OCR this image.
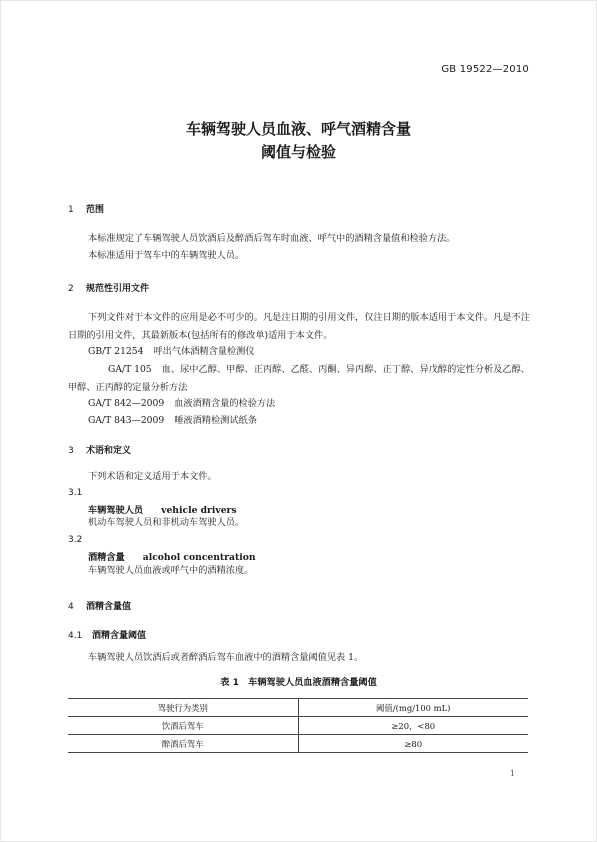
GB 19522—2010
车辆驾驶人员血液、呼气酒精含量
阈值与检验
1 范围
本标准规定了车辆驾驶人员饮酒后及醉酒后驾车时血液、呼气中的酒精含量值和检验方法。
本标准适用于驾车中的车辆驾驶人员。
2 规范性引用文件
下列文件对于本文件的应用是必不可少的。凡是注日期的引用文件，仅注日期的版本适用于本文件。凡是不注日期的引用文件，其最新版本(包括所有的修改单)适用于本文件。
GB/T 21254 呼出气体酒精含量检测仪
GA/T 105 血、尿中乙醇、甲醇、正丙醇、乙醛、丙酮、异丙醇、正丁醇、异戊醇的定性分析及乙醇、甲醇、正丙醇的定量分析方法
GA/T 842—2009 血液酒精含量的检验方法
GA/T 843—2009 唾液酒精检测试纸条
3 术语和定义
下列术语和定义适用于本文件。
3.1
车辆驾驶人员 vehicle drivers
机动车驾驶人员和非机动车驾驶人员。
3.2
酒精含量 alcohol concentration
车辆驾驶人员血液或呼气中的酒精浓度。
4 酒精含量值
4.1 酒精含量阈值
车辆驾驶人员饮酒后或者醉酒后驾车血液中的酒精含量阈值见表 1。
表 1　车辆驾驶人员血液酒精含量阈值
驾驶行为类别	阈值/(mg/100 mL)
饮酒后驾车	≥20，<80
醉酒后驾车	≥80
1
